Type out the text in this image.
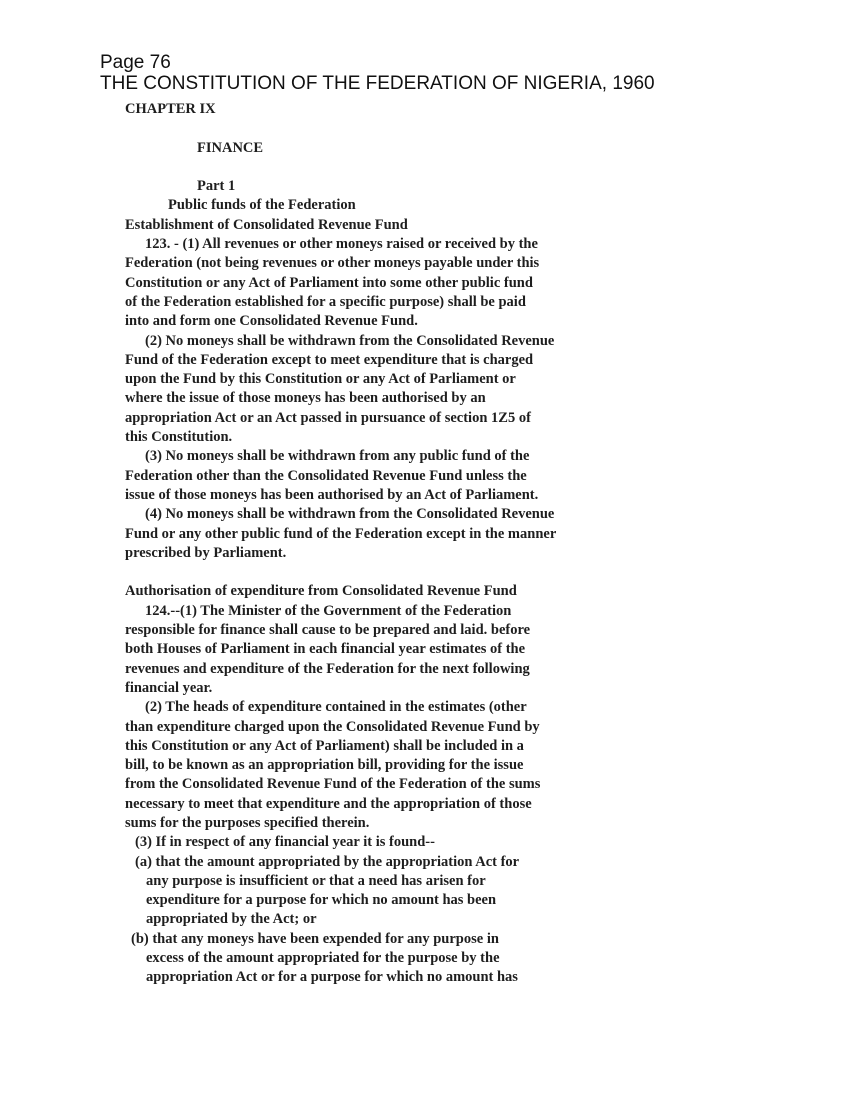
Page 76
THE CONSTITUTION OF THE FEDERATION OF NIGERIA, 1960
CHAPTER IX
FINANCE
Part 1
Public funds of the Federation
Establishment of Consolidated Revenue Fund
123. - (1) All revenues or other moneys raised or received by the
Federation (not being revenues or other moneys payable under this
Constitution or any Act of Parliament into some other public fund
of the Federation established for a specific purpose) shall be paid
into and form one Consolidated Revenue Fund.
(2) No moneys shall be withdrawn from the Consolidated Revenue
Fund of the Federation except to meet expenditure that is charged
upon the Fund by this Constitution or any Act of Parliament or
where the issue of those moneys has been authorised by an
appropriation Act or an Act passed in pursuance of section 1Z5 of
this Constitution.
(3) No moneys shall be withdrawn from any public fund of the
Federation other than the Consolidated Revenue Fund unless the
issue of those moneys has been authorised by an Act of Parliament.
(4) No moneys shall be withdrawn from the Consolidated Revenue
Fund or any other public fund of the Federation except in the manner
prescribed by Parliament.
Authorisation of expenditure from Consolidated Revenue Fund
124.--(1) The Minister of the Government of the Federation
responsible for finance shall cause to be prepared and laid. before
both Houses of Parliament in each financial year estimates of the
revenues and expenditure of the Federation for the next following
financial year.
(2) The heads of expenditure contained in the estimates (other
than expenditure charged upon the Consolidated Revenue Fund by
this Constitution or any Act of Parliament) shall be included in a
bill, to be known as an appropriation bill, providing for the issue
from the Consolidated Revenue Fund of the Federation of the sums
necessary to meet that expenditure and the appropriation of those
sums for the purposes specified therein.
(3) If in respect of any financial year it is found--
(a) that the amount appropriated by the appropriation Act for
any purpose is insufficient or that a need has arisen for
expenditure for a purpose for which no amount has been
appropriated by the Act; or
(b) that any moneys have been expended for any purpose in
excess of the amount appropriated for the purpose by the
appropriation Act or for a purpose for which no amount has
